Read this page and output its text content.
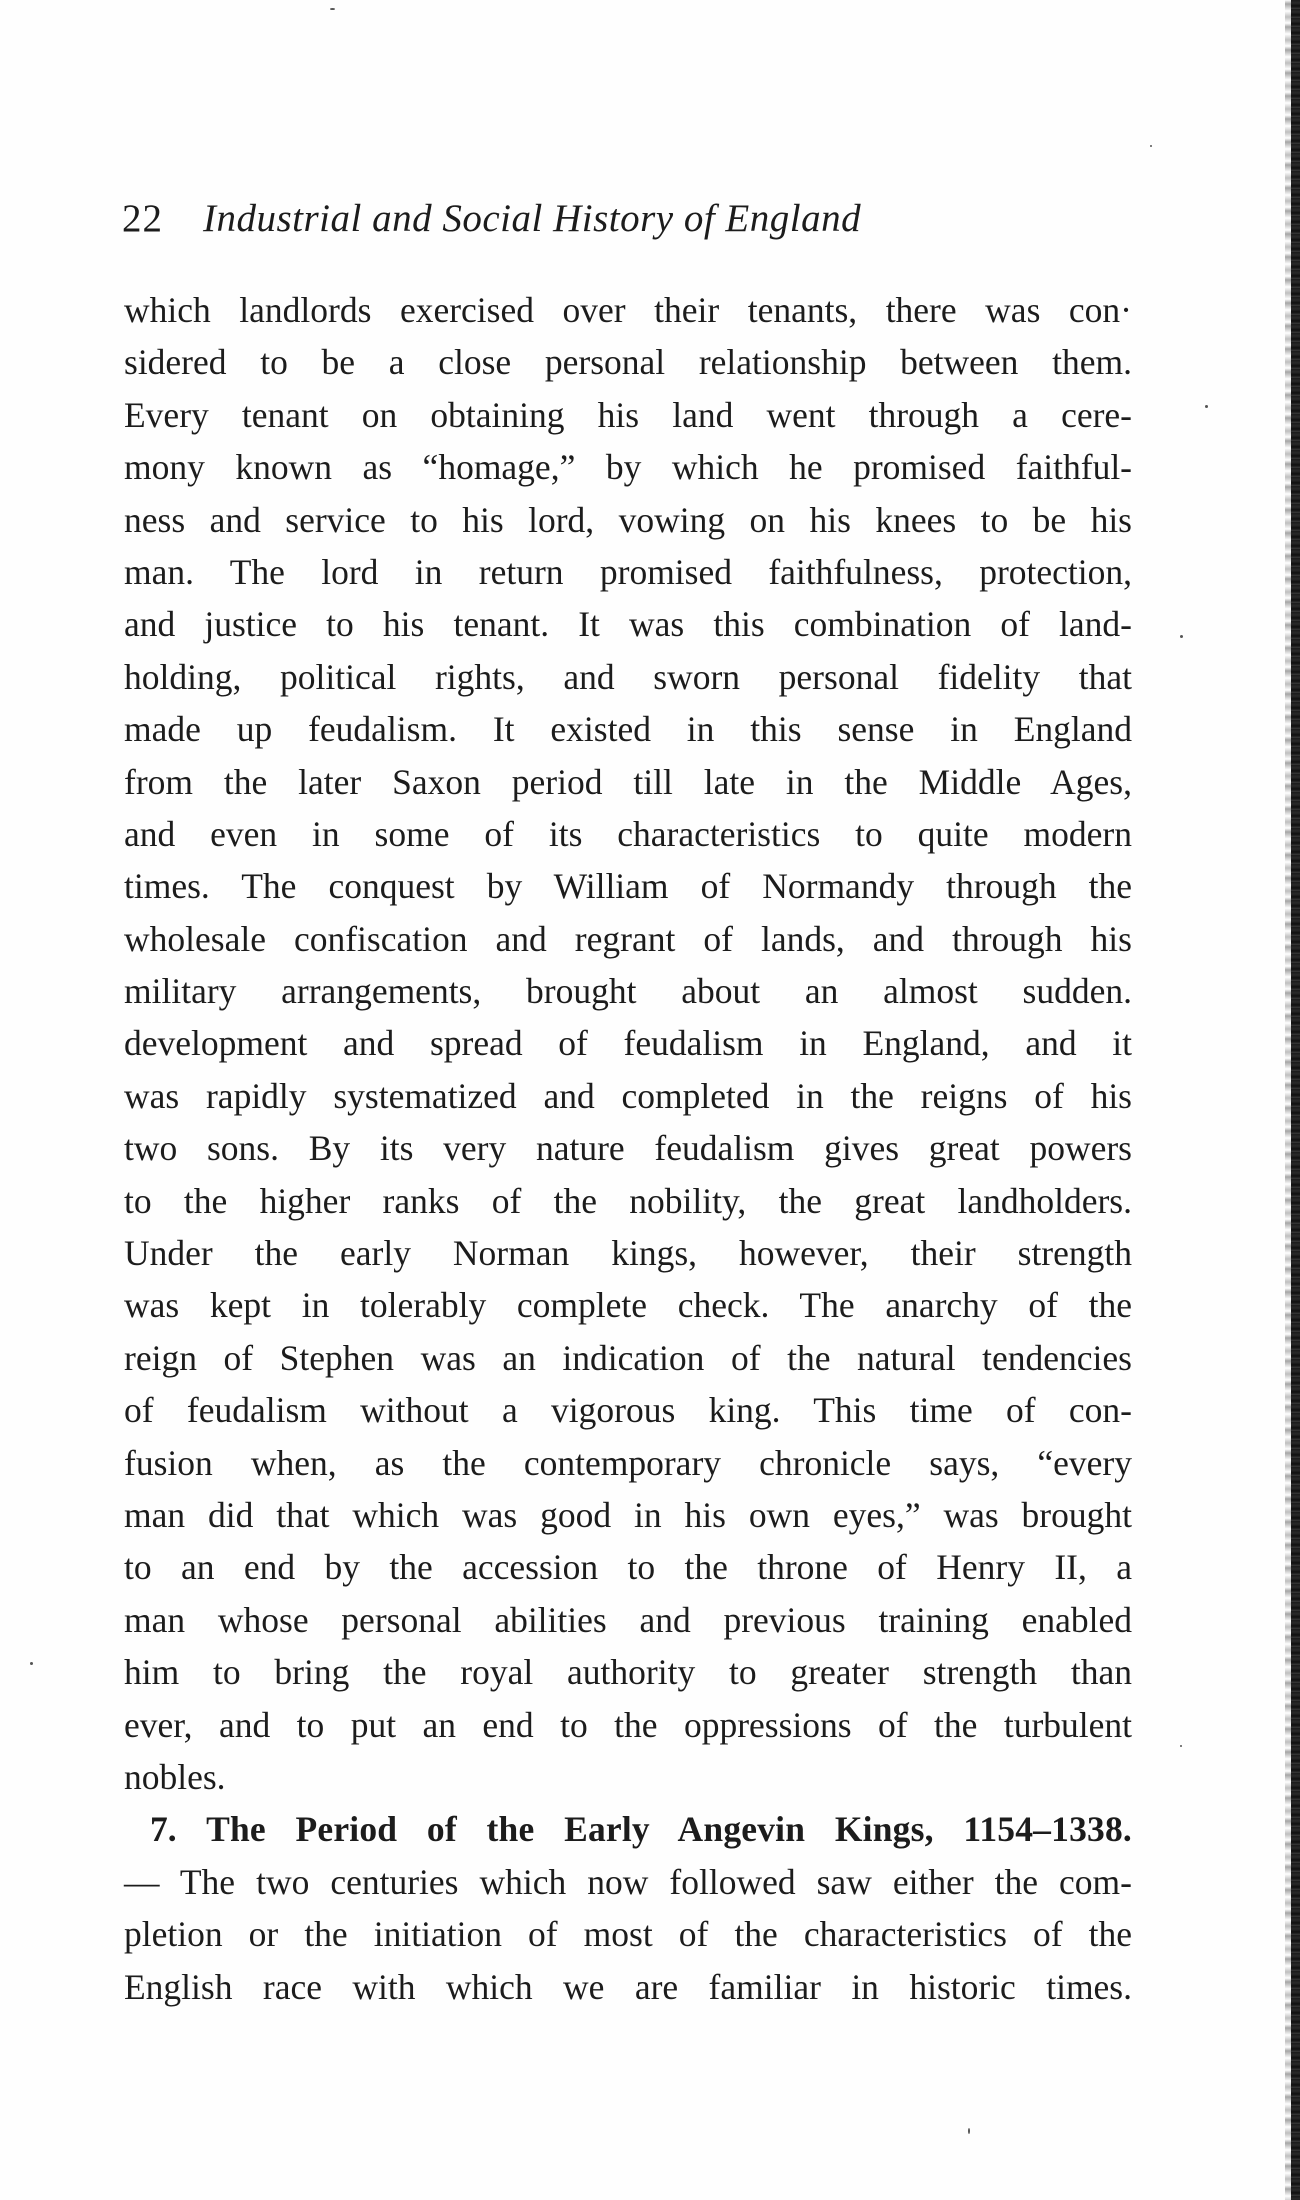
22 Industrial and Social History of England
which landlords exercised over their tenants, there was con·
sidered to be a close personal relationship between them.
Every tenant on obtaining his land went through a cere-
mony known as “homage,” by which he promised faithful-
ness and service to his lord, vowing on his knees to be his
man. The lord in return promised faithfulness, protection,
and justice to his tenant. It was this combination of land-
holding, political rights, and sworn personal fidelity that
made up feudalism. It existed in this sense in England
from the later Saxon period till late in the Middle Ages,
and even in some of its characteristics to quite modern
times. The conquest by William of Normandy through the
wholesale confiscation and regrant of lands, and through his
military arrangements, brought about an almost sudden.
development and spread of feudalism in England, and it
was rapidly systematized and completed in the reigns of his
two sons. By its very nature feudalism gives great powers
to the higher ranks of the nobility, the great landholders.
Under the early Norman kings, however, their strength
was kept in tolerably complete check. The anarchy of the
reign of Stephen was an indication of the natural tendencies
of feudalism without a vigorous king. This time of con-
fusion when, as the contemporary chronicle says, “every
man did that which was good in his own eyes,” was brought
to an end by the accession to the throne of Henry II, a
man whose personal abilities and previous training enabled
him to bring the royal authority to greater strength than
ever, and to put an end to the oppressions of the turbulent
nobles.
7. The Period of the Early Angevin Kings, 1154–1338.
— The two centuries which now followed saw either the com-
pletion or the initiation of most of the characteristics of the
English race with which we are familiar in historic times.
